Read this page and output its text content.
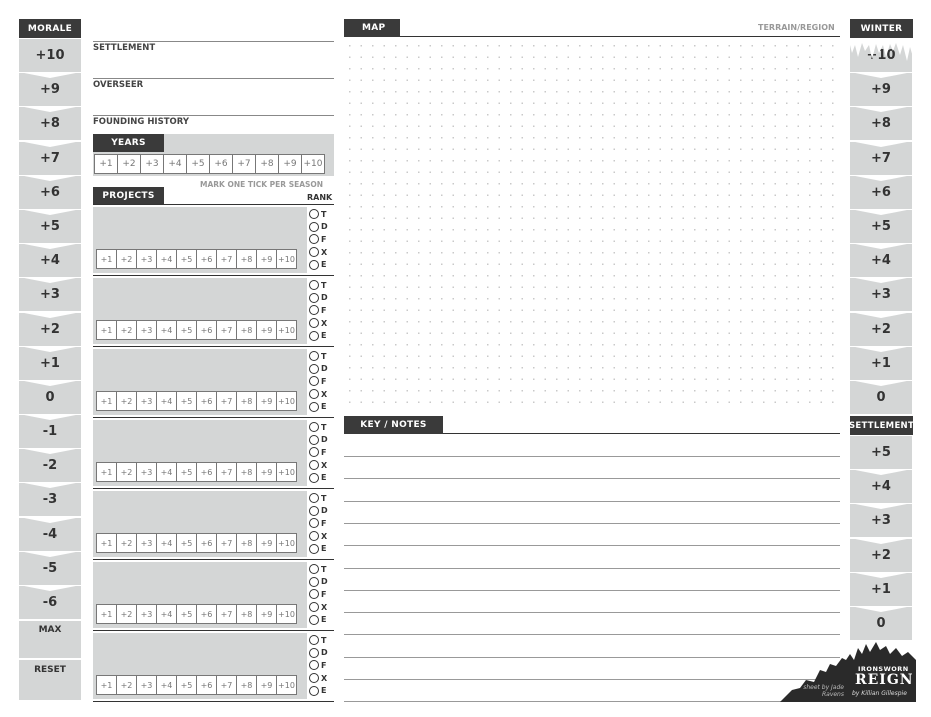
MORALE
+10
+9
+8
+7
+6
+5
+4
+3
+2
+1
0
-1
-2
-3
-4
-5
-6
MAX
RESET
SETTLEMENT
OVERSEER
FOUNDING HISTORY
YEARS
+1	+2	+3	+4	+5	+6	+7	+8	+9 +10
MARK ONE TICK PER SEASON
PROJECTS	RANK
+1	+2	+3	+4	+5	+6	+7	+8	+9 +10
T
D
F
X
E
+1	+2	+3	+4	+5	+6	+7	+8	+9 +10
T
D
F
X
E
+1	+2	+3	+4	+5	+6	+7	+8	+9 +10
T
D
F
X
E
+1	+2	+3	+4	+5	+6	+7	+8	+9 +10
T
D
F
X
E
+1	+2	+3	+4	+5	+6	+7	+8	+9 +10
T
D
F
X
E
+1	+2	+3	+4	+5	+6	+7	+8	+9 +10
T
D
F
X
E
+1	+2	+3	+4	+5	+6	+7	+8	+9 +10
T
D
F
X
E
MAP	TERRAIN/REGION
KEY / NOTES
WINTER
+10
+9
+8
+7
+6
+5
+4
+3
+2
+1
0
SETTLEMENT
+5
+4
+3
+2
+1
0
IRONSWORN
REIGN
sheet by Jade Ravens by Killian Gillespie
